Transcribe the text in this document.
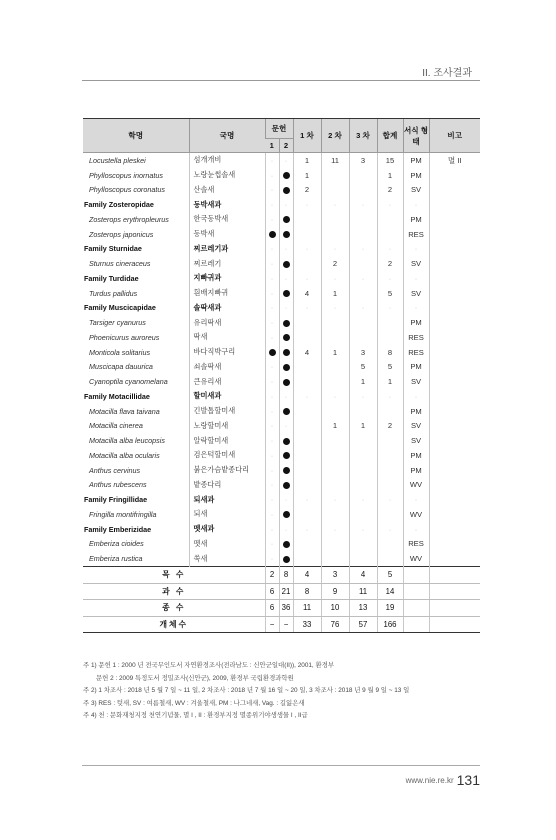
II. 조사결과
학명	국명	문헌		1 차	2 차	3 차	합계	서식 형태	비고
		1	2						
Locustella pleskei	섬개개비	·	·	1	11	3	15	PM	멸 II
Phylloscopus inornatus	노랑눈썹솔새	·		1			1	PM	
Phylloscopus coronatus	산솔새	·		2			2	SV	
Family Zosteropidae	동박새과	·	·	·	·	·	·	·	
Zosterops erythropleurus	한국동박새	·						PM	
Zosterops japonicus	동박새							RES	
Family Sturnidae	찌르레기과	·	·	·	·	·	·	·	
Sturnus cineraceus	찌르레기	·			2		2	SV	
Family Turdidae	지빠귀과	·	·	·	·	·	·	·	
Turdus pallidus	흰배지빠귀	·		4	1		5	SV	
Family Muscicapidae	솔딱새과	·	·	·	·	·	·	·	
Tarsiger cyanurus	유리딱새	·						PM	
Phoenicurus auroreus	딱새	·						RES	
Monticola solitarius	바다직박구리			4	1	3	8	RES	
Muscicapa dauurica	쇠솔딱새	·				5	5	PM	
Cyanoptila cyanomelana	큰유리새	·				1	1	SV	
Family Motacillidae	할미새과	·	·	·	·	·	·	·	
Motacilla flava taivana	긴발톱할미새	·						PM	
Motacilla cinerea	노랑할미새	·	·		1	1	2	SV	
Motacilla alba leucopsis	알락할미새	·						SV	
Motacilla alba ocularis	검은턱할미새	·						PM	
Anthus cervinus	붉은가슴밭종다리	·						PM	
Anthus rubescens	밭종다리	·						WV	
Family Fringillidae	되새과	·	·	·	·	·	·	·	
Fringilla montifringilla	되새	·						WV	
Family Emberizidae	멧새과	·	·	·	·	·	·	·	
Emberiza cioides	멧새	·						RES	
Emberiza rustica	쑥새	·						WV	
목 수		2	8	4	3	4	5		
과 수		6	21	8	9	11	14		
종 수		6	36	11	10	13	19		
개체수		−	−	33	76	57	166		
주 1) 문헌 1 : 2000 년 전국무인도서 자연환경조사(전라남도 : 신안군일대(II)), 2001, 환경부
문헌 2 : 2009 특정도서 정밀조사(신안군), 2009, 환경부 국립환경과학원
주 2) 1 차조사 : 2018 년 5 월 7 일 ~ 11 일, 2 차조사 : 2018 년 7 월 16 일 ~ 20 일, 3 차조사 : 2018 년 9 월 9 일 ~ 13 일
주 3) RES : 텃새, SV : 여름철새, WV : 겨울철새, PM : 나그네새, Vag. : 길잃은새
주 4) 천 : 문화재청지정 천연기념물, 멸 I , II : 환경부지정 멸종위기야생생물 I , II급
www.nie.re.kr 131
